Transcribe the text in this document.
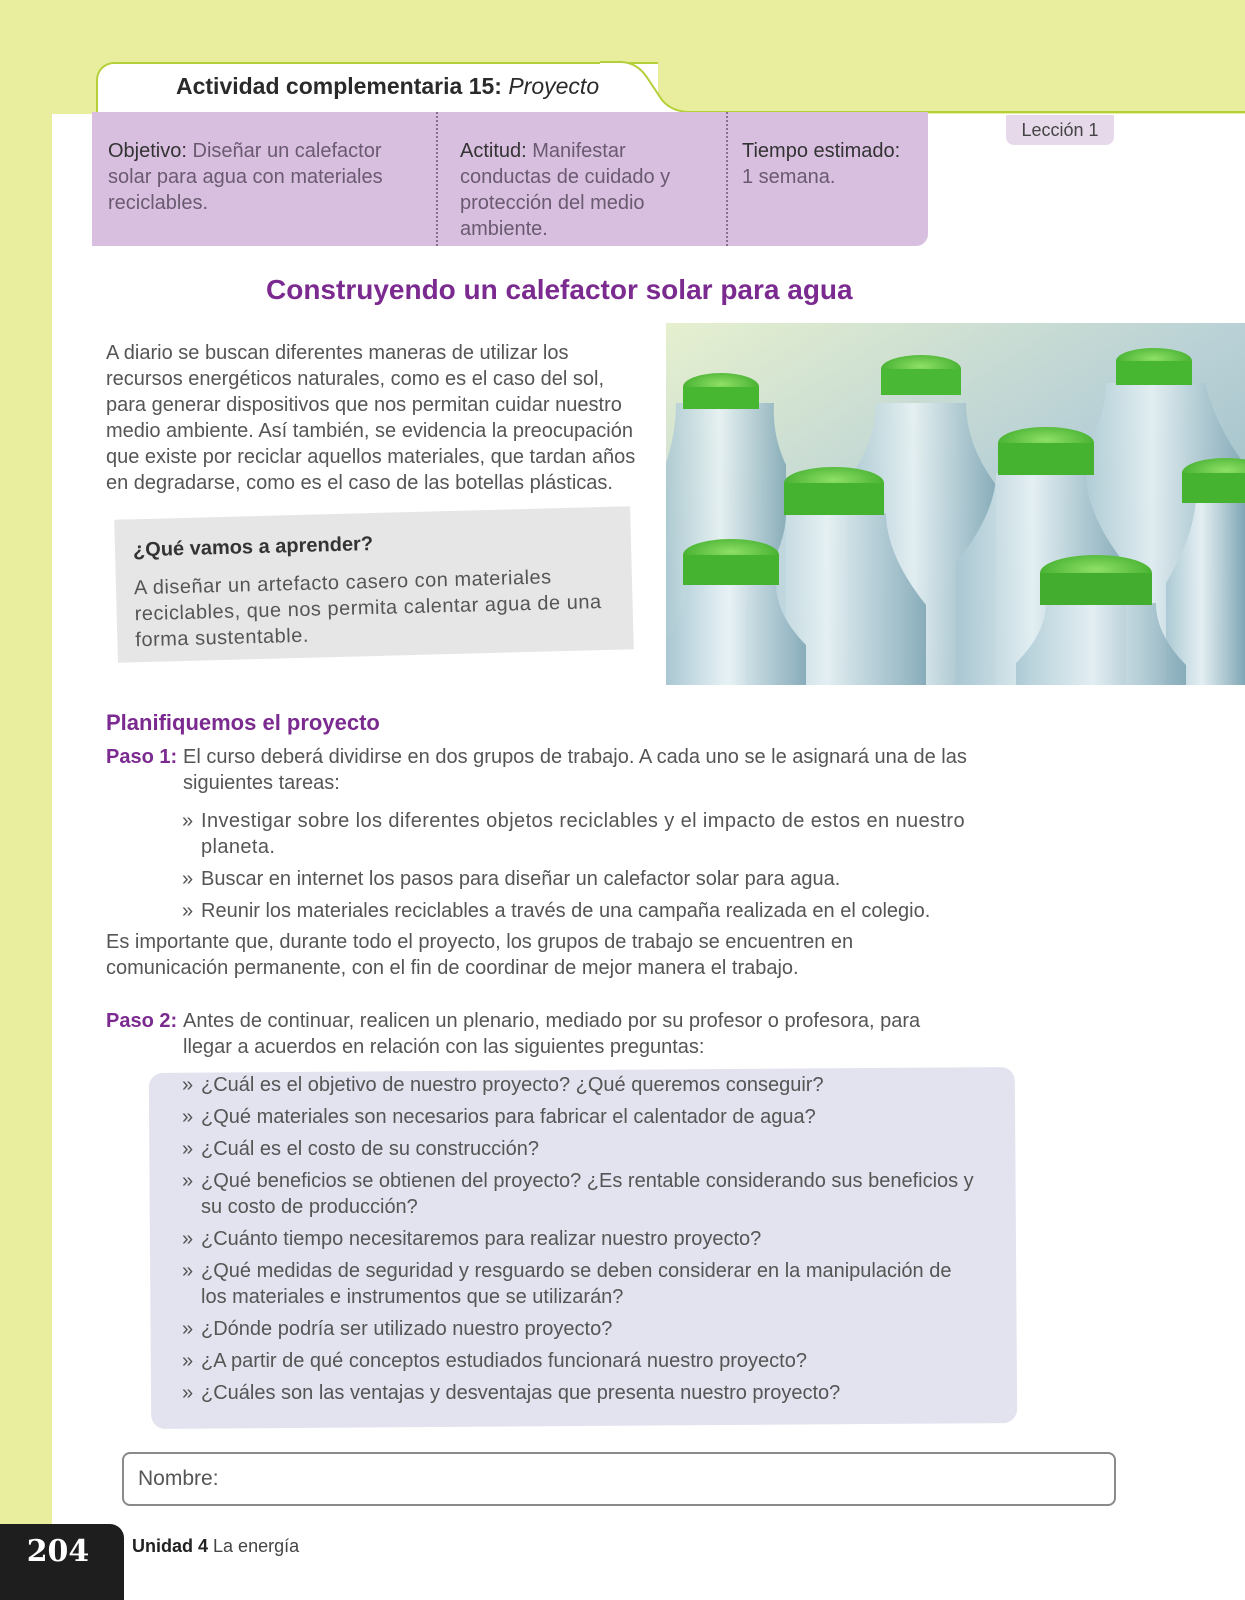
Actividad complementaria 15: Proyecto
Objetivo: Diseñar un calefactor solar para agua con materiales reciclables.
Actitud: Manifestar conductas de cuidado y protección del medio ambiente.
Tiempo estimado:
1 semana.
Lección 1
Construyendo un calefactor solar para agua
A diario se buscan diferentes maneras de utilizar los recursos energéticos naturales, como es el caso del sol, para generar dispositivos que nos permitan cuidar nuestro medio ambiente. Así también, se evidencia la preocupación que existe por reciclar aquellos materiales, que tardan años en degradarse, como es el caso de las botellas plásticas.
¿Qué vamos a aprender?
A diseñar un artefacto casero con materiales reciclables, que nos permita calentar agua de una forma sustentable.
Planifiquemos el proyecto
Paso 1: El curso deberá dividirse en dos grupos de trabajo. A cada uno se le asignará una de las siguientes tareas:
» Investigar sobre los diferentes objetos reciclables y el impacto de estos en nuestro planeta.
» Buscar en internet los pasos para diseñar un calefactor solar para agua.
» Reunir los materiales reciclables a través de una campaña realizada en el colegio.
Es importante que, durante todo el proyecto, los grupos de trabajo se encuentren en comunicación permanente, con el fin de coordinar de mejor manera el trabajo.
Paso 2: Antes de continuar, realicen un plenario, mediado por su profesor o profesora, para llegar a acuerdos en relación con las siguientes preguntas:
» ¿Cuál es el objetivo de nuestro proyecto? ¿Qué queremos conseguir?
» ¿Qué materiales son necesarios para fabricar el calentador de agua?
» ¿Cuál es el costo de su construcción?
» ¿Qué beneficios se obtienen del proyecto? ¿Es rentable considerando sus beneficios y su costo de producción?
» ¿Cuánto tiempo necesitaremos para realizar nuestro proyecto?
» ¿Qué medidas de seguridad y resguardo se deben considerar en la manipulación de los materiales e instrumentos que se utilizarán?
» ¿Dónde podría ser utilizado nuestro proyecto?
» ¿A partir de qué conceptos estudiados funcionará nuestro proyecto?
» ¿Cuáles son las ventajas y desventajas que presenta nuestro proyecto?
Nombre:
204	Unidad 4 La energía
